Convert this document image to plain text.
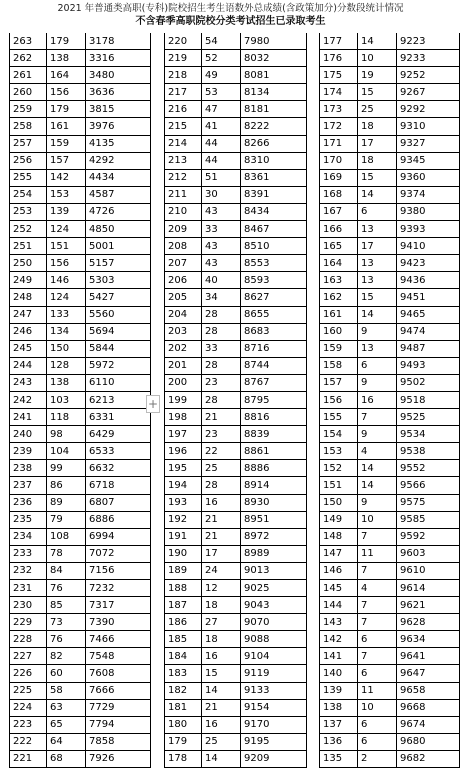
2021 年普通类高职(专科)院校招生考生语数外总成绩(含政策加分)分数段统计情况
不含春季高职院校分类考试招生已录取考生
263	179	3178
262	138	3316
261	164	3480
260	156	3636
259	179	3815
258	161	3976
257	159	4135
256	157	4292
255	142	4434
254	153	4587
253	139	4726
252	124	4850
251	151	5001
250	156	5157
249	146	5303
248	124	5427
247	133	5560
246	134	5694
245	150	5844
244	128	5972
243	138	6110
242	103	6213
241	118	6331
240	98	6429
239	104	6533
238	99	6632
237	86	6718
236	89	6807
235	79	6886
234	108	6994
233	78	7072
232	84	7156
231	76	7232
230	85	7317
229	73	7390
228	76	7466
227	82	7548
226	60	7608
225	58	7666
224	63	7729
223	65	7794
222	64	7858
221	68	7926
220	54	7980
219	52	8032
218	49	8081
217	53	8134
216	47	8181
215	41	8222
214	44	8266
213	44	8310
212	51	8361
211	30	8391
210	43	8434
209	33	8467
208	43	8510
207	43	8553
206	40	8593
205	34	8627
204	28	8655
203	28	8683
202	33	8716
201	28	8744
200	23	8767
199	28	8795
198	21	8816
197	23	8839
196	22	8861
195	25	8886
194	28	8914
193	16	8930
192	21	8951
191	21	8972
190	17	8989
189	24	9013
188	12	9025
187	18	9043
186	27	9070
185	18	9088
184	16	9104
183	15	9119
182	14	9133
181	21	9154
180	16	9170
179	25	9195
178	14	9209
177	14	9223
176	10	9233
175	19	9252
174	15	9267
173	25	9292
172	18	9310
171	17	9327
170	18	9345
169	15	9360
168	14	9374
167	6	9380
166	13	9393
165	17	9410
164	13	9423
163	13	9436
162	15	9451
161	14	9465
160	9	9474
159	13	9487
158	6	9493
157	9	9502
156	16	9518
155	7	9525
154	9	9534
153	4	9538
152	14	9552
151	14	9566
150	9	9575
149	10	9585
148	7	9592
147	11	9603
146	7	9610
145	4	9614
144	7	9621
143	7	9628
142	6	9634
141	7	9641
140	6	9647
139	11	9658
138	10	9668
137	6	9674
136	6	9680
135	2	9682
+
